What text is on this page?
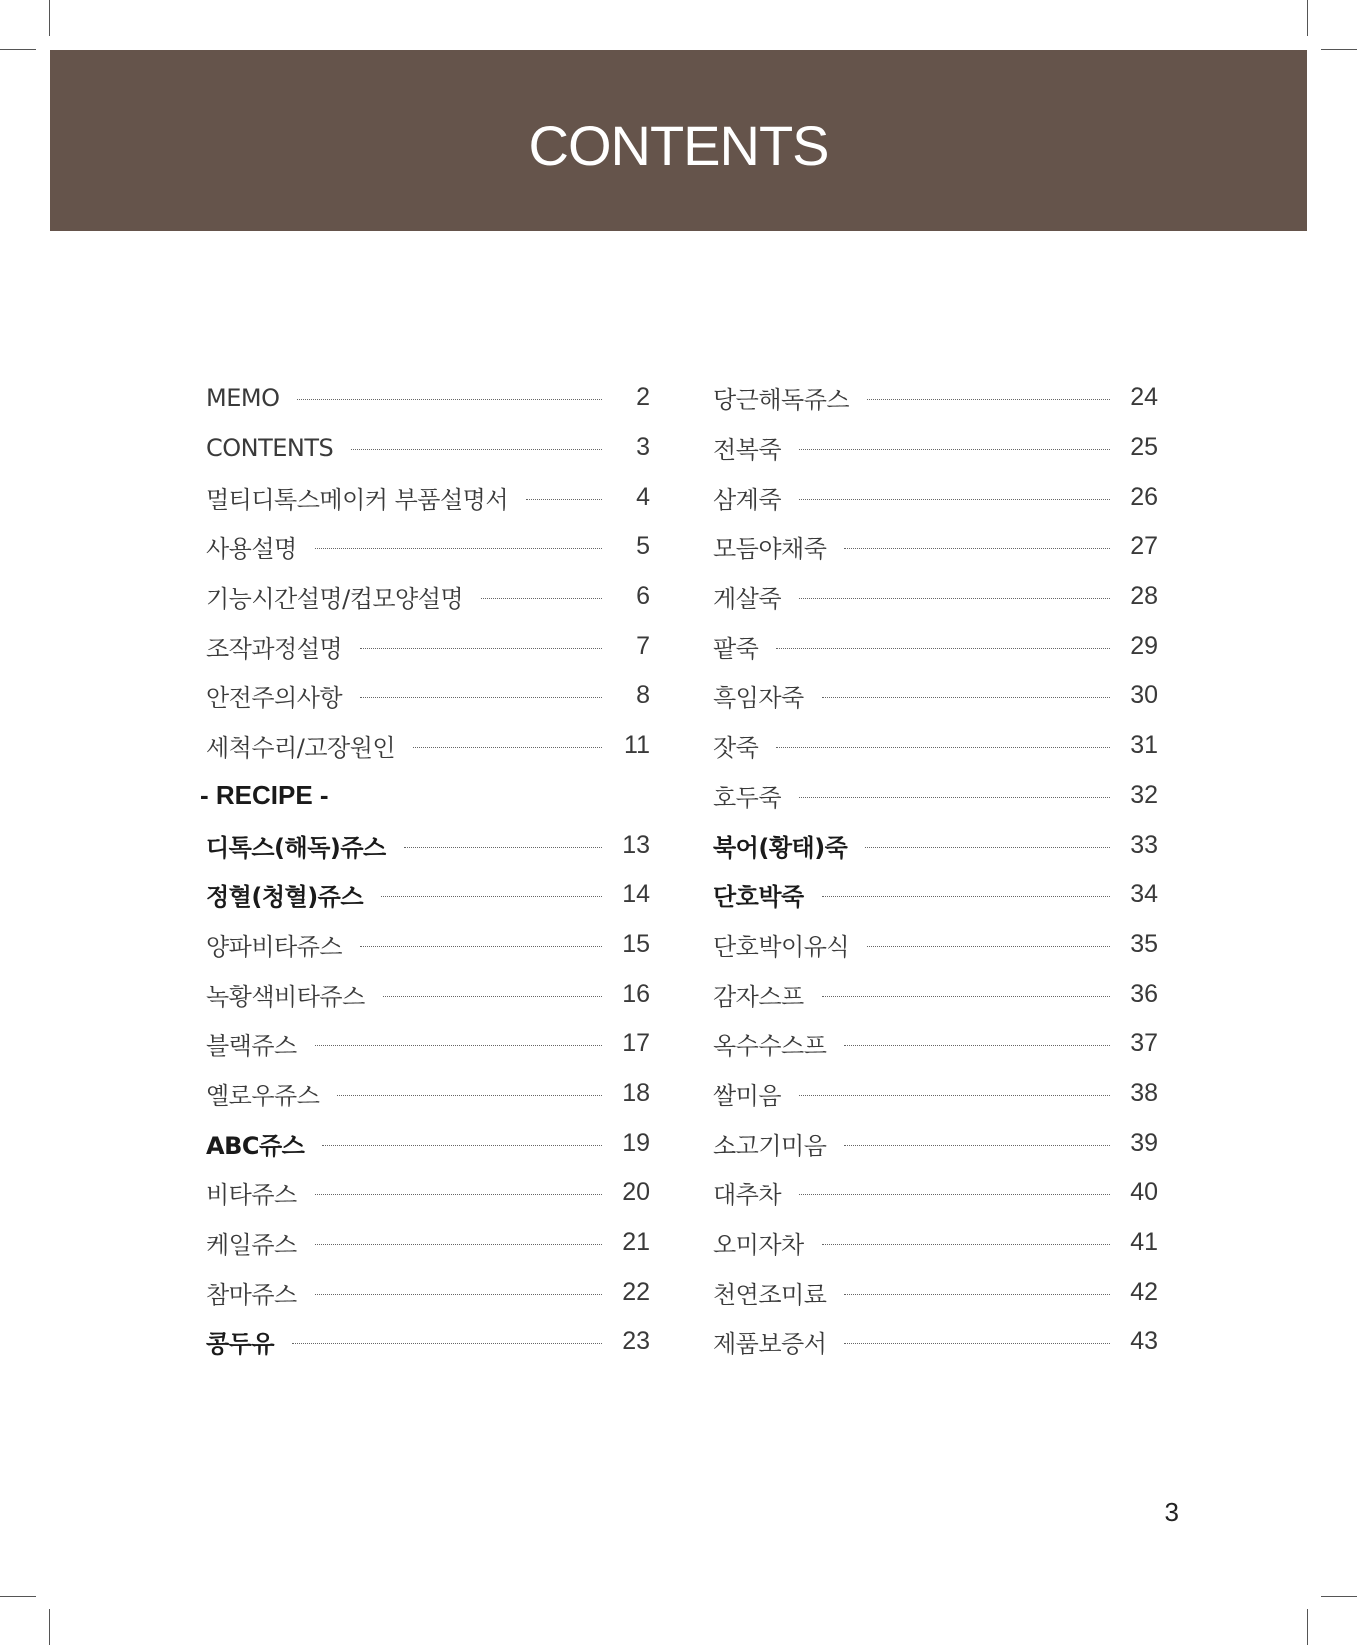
CONTENTS
MEMO	2
CONTENTS	3
멀티디톡스메이커 부품설명서	4
사용설명	5
기능시간설명/컵모양설명	6
조작과정설명	7
안전주의사항	8
세척수리/고장원인	11
- RECIPE -
디톡스(해독)쥬스	13
정혈(청혈)쥬스	14
양파비타쥬스	15
녹황색비타쥬스	16
블랙쥬스	17
옐로우쥬스	18
ABC쥬스	19
비타쥬스	20
케일쥬스	21
참마쥬스	22
콩두유	23
당근해독쥬스	24
전복죽	25
삼계죽	26
모듬야채죽	27
게살죽	28
팥죽	29
흑임자죽	30
잣죽	31
호두죽	32
북어(황태)죽	33
단호박죽	34
단호박이유식	35
감자스프	36
옥수수스프	37
쌀미음	38
소고기미음	39
대추차	40
오미자차	41
천연조미료	42
제품보증서	43
3
